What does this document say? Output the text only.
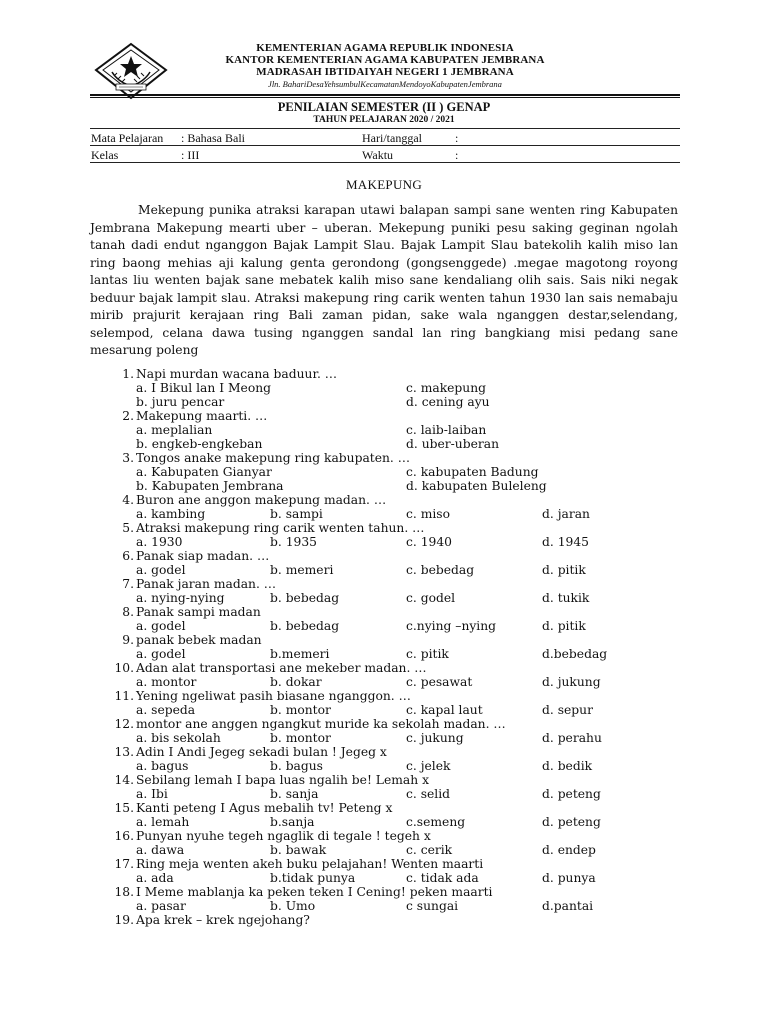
KEMENTERIAN AGAMA REPUBLIK INDONESIA
KANTOR KEMENTERIAN AGAMA KABUPATEN JEMBRANA
MADRASAH IBTIDAIYAH NEGERI 1 JEMBRANA
Jln. BahariDesaYehsumbulKecamatanMendoyoKabupatenJembrana
PENILAIAN SEMESTER (II ) GENAP
TAHUN PELAJARAN 2020 / 2021
Mata Pelajaran : Bahasa Bali	Hari/tanggal	:
Kelas	: III	Waktu	:
MAKEPUNG
Mekepung punika atraksi karapan utawi balapan sampi sane wenten ring Kabupaten Jembrana Makepung mearti uber – uberan. Mekepung puniki pesu saking geginan ngolah tanah dadi endut nganggon Bajak Lampit Slau. Bajak Lampit Slau batekolih kalih miso lan ring baong mehias aji kalung genta gerondong (gongsenggede) .megae magotong royong lantas liu wenten bajak sane mebatek kalih miso sane kendaliang olih sais. Sais niki negak beduur bajak lampit slau. Atraksi makepung ring carik wenten tahun 1930 lan sais nemabaju mirib prajurit kerajaan ring Bali zaman pidan, sake wala nganggen destar,selendang, selempod, celana dawa tusing nganggen sandal lan ring bangkiang misi pedang sane mesarung poleng
1. Napi murdan wacana baduur. …
a. I Bikul lan I Meong	c. makepung
b. juru pencar	d. cening ayu
2. Makepung maarti. …
a. meplalian	c. laib-laiban
b. engkeb-engkeban	d. uber-uberan
3. Tongos anake makepung ring kabupaten. …
a. Kabupaten Gianyar	c. kabupaten Badung
b. Kabupaten Jembrana	d. kabupaten Buleleng
4. Buron ane anggon makepung madan. …
a. kambing	b. sampi	c. miso	d. jaran
5. Atraksi makepung ring carik wenten tahun. …
a. 1930	b. 1935	c. 1940	d. 1945
6. Panak siap madan. …
a. godel	b. memeri	c. bebedag	d. pitik
7. Panak jaran madan. …
a. nying-nying	b. bebedag	c. godel	d. tukik
8. Panak sampi madan
a. godel	b. bebedag	c.nying –nying	d. pitik
9. panak bebek madan
a. godel	b.memeri	c. pitik	d.bebedag
10. Adan alat transportasi ane mekeber madan. …
a. montor	b. dokar	c. pesawat	d. jukung
11. Yening ngeliwat pasih biasane nganggon. …
a. sepeda	b. montor	c. kapal laut	d. sepur
12. montor ane anggen ngangkut muride ka sekolah madan. …
a. bis sekolah	b. montor	c. jukung	d. perahu
13. Adin I Andi Jegeg sekadi bulan ! Jegeg x
a. bagus	b. bagus	c. jelek	d. bedik
14. Sebilang lemah I bapa luas ngalih be! Lemah x
a. Ibi	b. sanja	c. selid	d. peteng
15. Kanti peteng I Agus mebalih tv! Peteng x
a. lemah	b.sanja	c.semeng	d. peteng
16. Punyan nyuhe tegeh ngaglik di tegale ! tegeh x
a. dawa	b. bawak	c. cerik	d. endep
17. Ring meja wenten akeh buku pelajahan! Wenten maarti
a. ada	b.tidak punya	c. tidak ada	d. punya
18. I Meme mablanja ka peken teken I Cening! peken maarti
a. pasar	b. Umo	c sungai	d.pantai
19. Apa krek – krek ngejohang?
